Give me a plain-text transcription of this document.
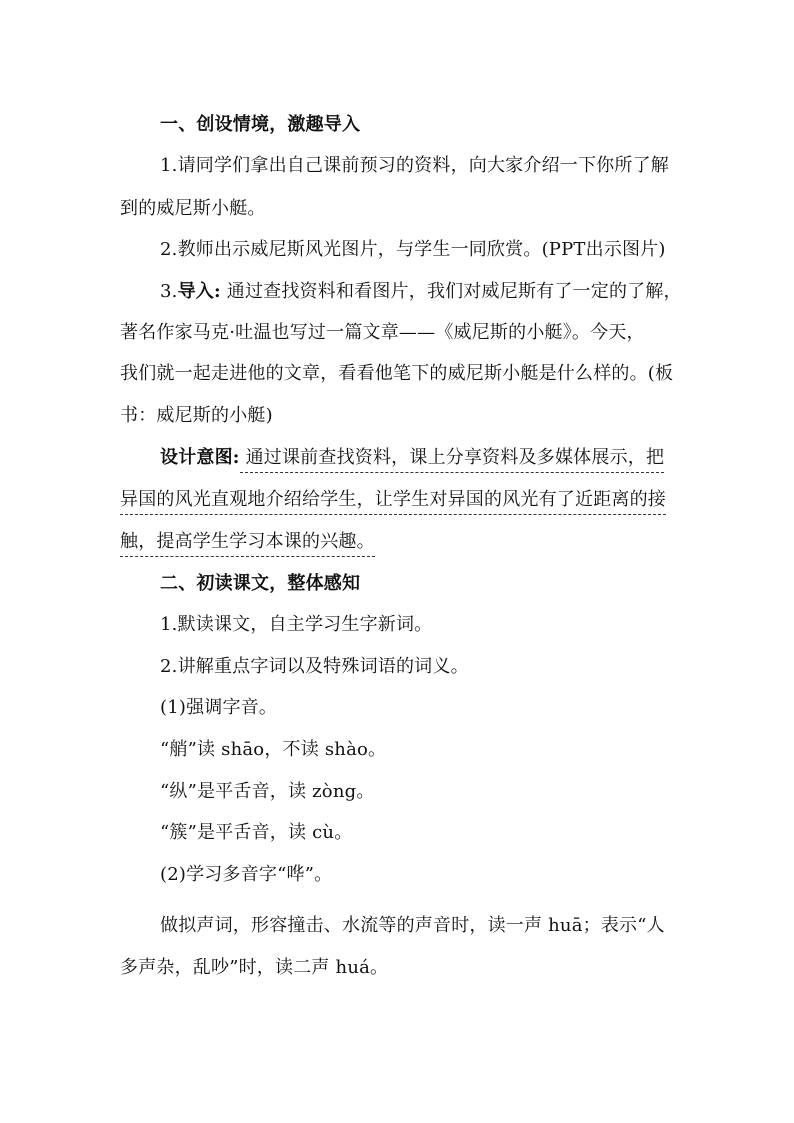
一、创设情境，激趣导入
1.请同学们拿出自己课前预习的资料，向大家介绍一下你所了解
到的威尼斯小艇。
2.教师出示威尼斯风光图片，与学生一同欣赏。(PPT出示图片)
3.导入: 通过查找资料和看图片，我们对威尼斯有了一定的了解，
著名作家马克·吐温也写过一篇文章——《威尼斯的小艇》。今天，
我们就一起走进他的文章，看看他笔下的威尼斯小艇是什么样的。(板
书：威尼斯的小艇)
设计意图: 通过课前查找资料，课上分享资料及多媒体展示，把
异国的风光直观地介绍给学生，让学生对异国的风光有了近距离的接
触，提高学生学习本课的兴趣。
二、初读课文，整体感知
1.默读课文，自主学习生字新词。
2.讲解重点字词以及特殊词语的词义。
(1)强调字音。
“艄”读 shāo，不读 shào。
“纵”是平舌音，读 zòng。
“簇”是平舌音，读 cù。
(2)学习多音字“哗”。
做拟声词，形容撞击、水流等的声音时，读一声 huā；表示“人
多声杂，乱吵”时，读二声 huá。
